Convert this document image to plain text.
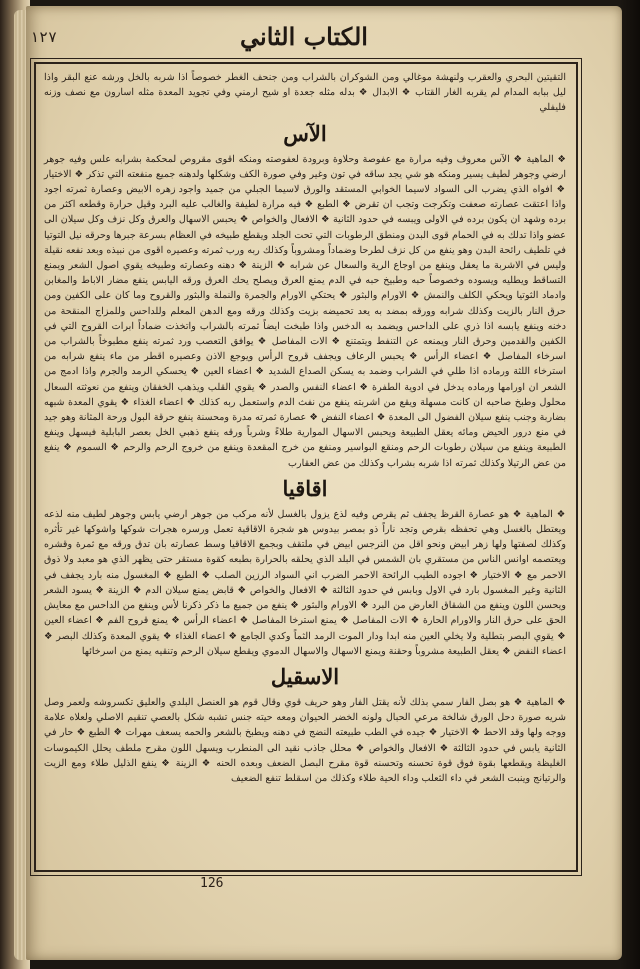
١٢٧	الكتاب الثاني

التقيتين البحري والعقرب ولنهشة موغالي ومن الشوكران بالشراب ومن جنحف الغطر خصوصاً اذا شربه بالخل ورشه عنع البقر واذا ليل ببابه المدام لم يقربه الغار القتاب ❖ الابدال ❖ بدله مثله جعدة او شيح ارمني وفي تجويد المعدة مثله اسارون مع نصف وزنه فليفلي

الآس

❖ الماهية ❖ الآس معروف وفيه مرارة مع عفوصة وحلاوة وبرودة لعفوصته ومنكه اقوى مقروص لمحكمة بشرابه علس وفيه جوهر ارضي وجوهر لطيف يسير ومنكه هو شي يجد ساقه في تون وغير وفي صورة الكف وشكلها ولدهنه جميع منفعته التي تذكر ❖ الاختيار ❖ افواه الذي يضرب الى السواد لاسيما الخوابي المستقد والورق لاسيما الجبلي من جميد واجود زهره الابيض وعصارة ثمرته اجود واذا اعتقت عصارته صعفت وتكرجت وتجب ان تقرض ❖ الطبع ❖ فيه مرارة لطيفة والغالب عليه البرد وقيل حرارة وقطعه اكثر من برده وشهد ان يكون برده في الاولى ويبسه في حدود الثانية ❖ الافعال والخواص ❖ يحبس الاسهال والعرق وكل نزف وكل سيلان الى عضو واذا تدلك به في الحمام قوى البدن ومنطق الرطوبات التي تحت الجلد ويقطع طبيخه في العظام بسرعة جبرها وحرقه نيل التوتيا في تلطيف رائحة البدن وهو ينفع من كل نزف لطرحا وضماداً ومشروباً وكذلك ربه ورب ثمرته وعصيره اقوى من نبيذه وبعد نفعه نقيلة وليس في الاشربة ما يعقل وينفع من اوجاع الرية والسعال عن شرابه ❖ الزينة ❖ دهنه وعصارته وطبيخه يقوي اصول الشعر ويمنع التساقط ويطليه ويسوده وخصوصاً حبه وطبيخ حبه في الدم يمنع العرق ويصلح يحك العرق ورقه اليابس ينفع مضار الاباط والمغابن وادماد الثوتيا ويحكي الكلف والنمش ❖ الاورام والبثور ❖ يحتكي الاورام والجمرة والنملة والبثور والقروح وما كان على الكفين ومن حرق النار بالزيت وكذلك شرابه وورقه بمضد به يعد تحميضه بزيت وكذلك ورقه ومع الدهن المعلم وللداحس وللمزاج المنقحة من دخنه وينفع يابسه اذا ذري على الداحس ويضمد به الدخس واذا طبخت ايضاً ثمرته بالشراب واتخذت ضماداً ابرات القروح التي في الكفين والقدمين وحرق النار ويمنعه عن التنفط ويتمتنع ❖ الات المفاصل ❖ يوافق التعصب ورد ثمرته ينفع مطبوخاً بالشراب من اسرخاء المفاصل ❖ اعضاء الرأس ❖ يحبس الرعاف ويجفف قروح الرأس ويوجع الاذن وعصيره اقطر من ماء ينفع شرابه من استرخاء اللثة ورماده اذا طلي في الشراب وضمد به يسكن الصداع الشديد ❖ اعضاء العين ❖ يحسكي الرمد والجرم واذا ادمج من الشعر ان اورامها ورماده يدخل في ادوية الطفرة ❖ اعضاء النفس والصدر ❖ يقوي القلب ويذهب الخفقان وينفع من نعوثته السعال محلول وطبخ صاحبه ان كانت مسهلة ويقع من اشربته ينفع من نفث الدم واستعمل ربه كذلك ❖ اعضاء الغذاء ❖ يقوي المعدة شبهه بضاربة وجنب ينفع سيلان الفضول الى المعدة ❖ اعضاء النفض ❖ عصارة ثمرته مدرة ومحسنة ينفع حرقة البول ورحة المثانة وهو جيد في منع درور الحيض ومائه يعقل الطبيعة ويحبس الاسهال الموارية طلاءً وشرباً ورقه ينفع ذهبي الخل بعصر البابلية فيسهل وينفع الطبيعة وينفع من سيلان رطوبات الرحم ومنقع البواسير ومنفع من خرج المقعدة وينفع من خروج الرحم والرحم ❖ السموم ❖ ينفع من عض الرتيلا وكذلك ثمرته اذا شربه بشراب وكذلك من عض العقارب

اقاقيا

❖ الماهية ❖ هو عصارة القرظ يجفف ثم يقرص وفيه لذع يزول بالغسل لأنه مركب من جوهر ارضي يابس وجوهر لطيف منه لذعه ويعتطل بالغسل وهي تحفظه بقرص وتجد ناراً ذو بمصر بيدوس هو شجرة الاقاقية تعمل ورسره هجرات شوكها واشوكها غير تأثره وكذلك لصفتها ولها زهر ابيض ونحو اقل من النرجس ابيض في ملتقف وبجمع الاقاقيا وسط عصارته بان تدق ورقه مع ثمرة وقشره ويعتصمه اوانس الناس من مستقري بان الشمس في البلد الذي يحلقه بالحرارة بطبعه كقوة مستقر حتى يظهر الذي هو معبد ولا ذوق الاحمر مع ❖ الاختيار ❖ اجوده الطيب الرائحة الاحمر الضرب اني السواد الرزين الصلب ❖ الطبع ❖ المغسول منه بارد يجفف في الثانية وغير المغسول بارد في الاول وبابس في حدود الثالثة ❖ الافعال والخواص ❖ قابض يمنع سيلان الدم ❖ الزينة ❖ يسود الشعر ويحسن اللون وينفع من الشقاق العارض من البرد ❖ الاورام والبثور ❖ ينفع من جميع ما ذكر ذكرنا لأس وينفع من الداحس مع معايش الحق على حرق النار والاورام الحارة ❖ الات المفاصل ❖ يمنع استرخا المفاصل ❖ اعضاء الرأس ❖ يمنع قروح الفم ❖ اعضاء العين ❖ يقوي البصر بتطلية ولا يخلي العين منه ابدا ودار الموت الرمد الثماً وكدي الجامع ❖ اعضاء الغذاء ❖ يقوي المعدة وكذلك البصر ❖ اعضاء النفض ❖ يعقل الطبيعة مشروباً وحقنة ويمنع الاسهال والاسهال الدموي ويقطع سيلان الرحم وتنقيه يمنع من اسرخائها

الاسقيل

❖ الماهية ❖ هو بصل الفار سمي بذلك لأنه يقتل الفار وهو حريف قوي وقال قوم هو العنصل البلدي والعليق تكسروشه ولعمر وصل شريه صورة دحل الورق شالخة مرعي الحبال ولونه الخضر الحيوان ومعه حيته جنس تشبه شكل بالعصي تنقيم الاصلي ولعلاه علامة ووجه ولها وقد الاحط ❖ الاختيار ❖ جيده في الطب طبيعته النضج في دهنه ويطبخ بالشعر والحمه يسعف مهرات ❖ الطبع ❖ حار في الثانية يابس في حدود الثالثة ❖ الافعال والخواص ❖ محلل جاذب نقيد الى المنطرب ويسهل اللون مقرح ملطف يحلل الكيموسات الغليظة ويقطعها بقوة فوق قوة تحسنه وتحسنه قوة مقرح البصل الضعف وبعده الحنه ❖ الزينة ❖ ينفع الذليل طلاء ومع الزيت والرتيانج وينبت الشعر في داء الثعلب وداء الحية طلاء وكذلك من اسقلط تنفع الضعيف

126
